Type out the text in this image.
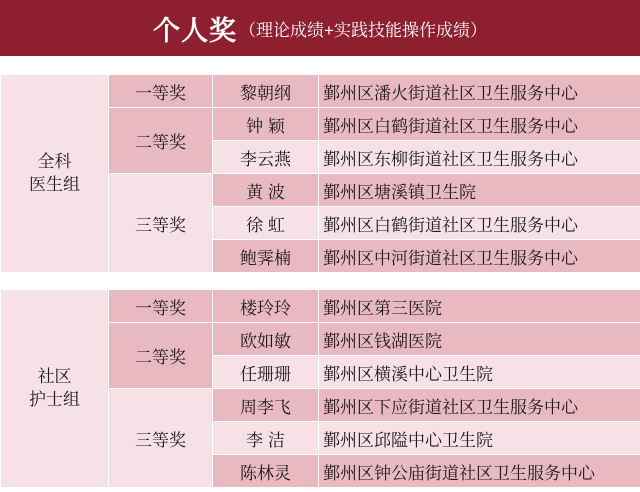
个人奖 （理论成绩+实践技能操作成绩）
全科
医生组	一等奖	黎朝纲	鄞州区潘火街道社区卫生服务中心
	二等奖	钟 颖	鄞州区白鹤街道社区卫生服务中心
		李云燕	鄞州区东柳街道社区卫生服务中心
	三等奖	黄 波	鄞州区塘溪镇卫生院
		徐 虹	鄞州区白鹤街道社区卫生服务中心
		鲍霁楠	鄞州区中河街道社区卫生服务中心
社区
护士组	一等奖	楼玲玲	鄞州区第三医院
	二等奖	欧如敏	鄞州区钱湖医院
		任珊珊	鄞州区横溪中心卫生院
	三等奖	周李飞	鄞州区下应街道社区卫生服务中心
		李 洁	鄞州区邱隘中心卫生院
		陈林灵	鄞州区钟公庙街道社区卫生服务中心
